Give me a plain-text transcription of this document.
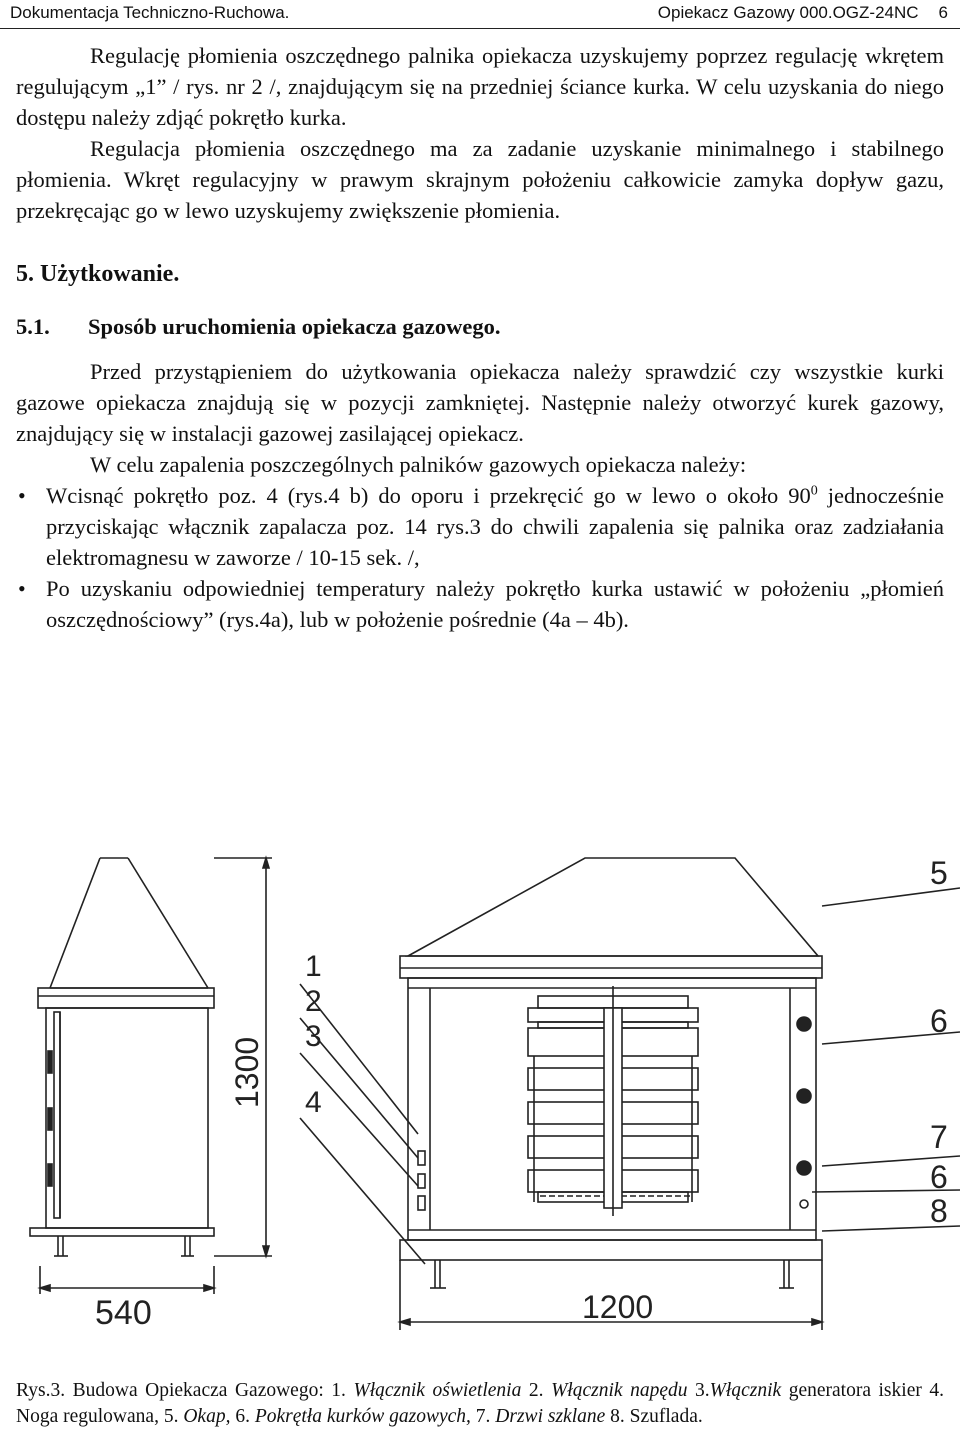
Dokumentacja Techniczno-Ruchowa.	Opiekacz Gazowy 000.OGZ-24NC 6

Regulację płomienia oszczędnego palnika opiekacza uzyskujemy poprzez regulację wkrętem regulującym „1” / rys. nr 2 /, znajdującym się na przedniej ściance kurka. W celu uzyskania do niego dostępu należy zdjąć pokrętło kurka.

Regulacja płomienia oszczędnego ma za zadanie uzyskanie minimalnego i stabilnego płomienia. Wkręt regulacyjny w prawym skrajnym położeniu całkowicie zamyka dopływ gazu, przekręcając go w lewo uzyskujemy zwiększenie płomienia.

5. Użytkowanie.
5.1. Sposób uruchomienia opiekacza gazowego.

Przed przystąpieniem do użytkowania opiekacza należy sprawdzić czy wszystkie kurki gazowe opiekacza znajdują się w pozycji zamkniętej. Następnie należy otworzyć kurek gazowy, znajdujący się w instalacji gazowej zasilającej opiekacz.

W celu zapalenia poszczególnych palników gazowych opiekacza należy:

• Wcisnąć pokrętło poz. 4 (rys.4 b) do oporu i przekręcić go w lewo o około $90^0$ jednocześnie przyciskając włącznik zapalacza poz. 14 rys.3 do chwili zapalenia się palnika oraz zadziałania elektromagnesu w zaworze / 10-15 sek. /,
• Po uzyskaniu odpowiedniej temperatury należy pokrętło kurka ustawić w położeniu „płomień oszczędnościowy” (rys.4a), lub w położenie pośrednie (4a – 4b).
540
1300
1
2
3
4
1200
5
6
7
6
8
Rys.3. Budowa Opiekacza Gazowego: 1. Włącznik oświetlenia 2. Włącznik napędu 3.Włącznik generatora iskier 4. Noga regulowana, 5. Okap, 6. Pokrętła kurków gazowych, 7. Drzwi szklane 8. Szuflada.
